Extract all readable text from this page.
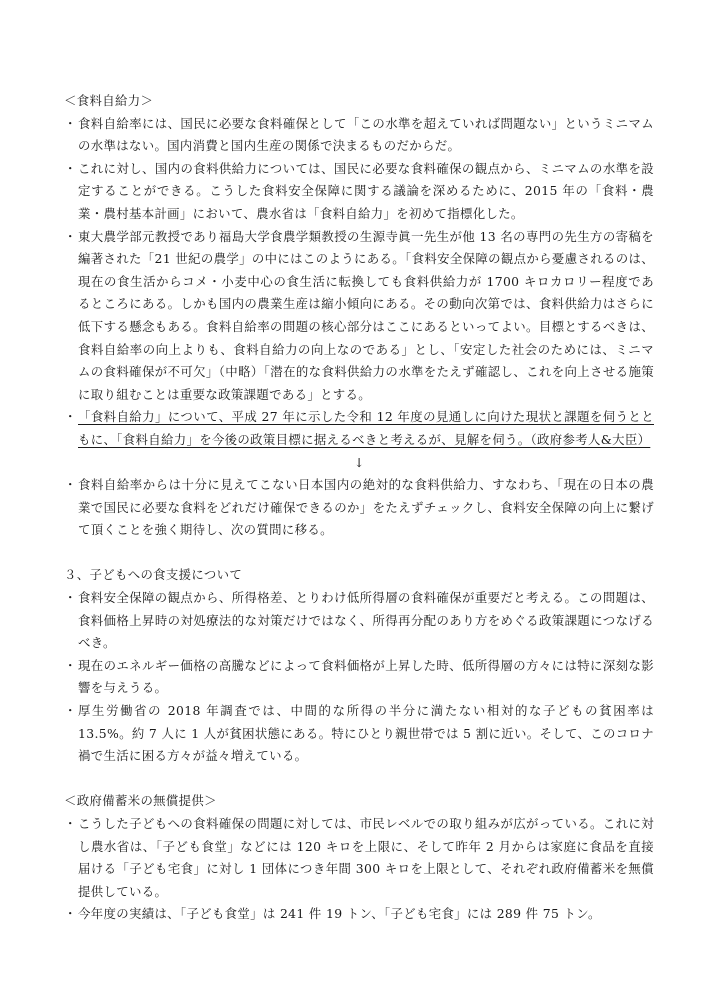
＜食料自給力＞
・ 食料自給率には、国民に必要な食料確保として「この水準を超えていれば問題ない」というミニマムの水準はない。国内消費と国内生産の関係で決まるものだからだ。
・ これに対し、国内の食料供給力については、国民に必要な食料確保の観点から、ミニマムの水準を設定することができる。こうした食料安全保障に関する議論を深めるために、2015 年の「食料・農業・農村基本計画」において、農水省は「食料自給力」を初めて指標化した。
・ 東大農学部元教授であり福島大学食農学類教授の生源寺眞一先生が他 13 名の専門の先生方の寄稿を編著された「21 世紀の農学」の中にはこのようにある。「食料安全保障の観点から憂慮されるのは、現在の食生活からコメ・小麦中心の食生活に転換しても食料供給力が 1700 キロカロリー程度であるところにある。しかも国内の農業生産は縮小傾向にある。その動向次第では、食料供給力はさらに低下する懸念もある。食料自給率の問題の核心部分はここにあるといってよい。目標とするべきは、食料自給率の向上よりも、食料自給力の向上なのである」とし、「安定した社会のためには、ミニマムの食料確保が不可欠」（中略）「潜在的な食料供給力の水準をたえず確認し、これを向上させる施策に取り組むことは重要な政策課題である」とする。
・ 「食料自給力」について、平成 27 年に示した令和 12 年度の見通しに向けた現状と課題を伺うとともに、「食料自給力」を今後の政策目標に据えるべきと考えるが、見解を伺う。（政府参考人&大臣）
↓
・ 食料自給率からは十分に見えてこない日本国内の絶対的な食料供給力、すなわち、「現在の日本の農業で国民に必要な食料をどれだけ確保できるのか」をたえずチェックし、食料安全保障の向上に繋げて頂くことを強く期待し、次の質問に移る。
３、子どもへの食支援について
・ 食料安全保障の観点から、所得格差、とりわけ低所得層の食料確保が重要だと考える。この問題は、食料価格上昇時の対処療法的な対策だけではなく、所得再分配のあり方をめぐる政策課題につなげるべき。
・ 現在のエネルギー価格の高騰などによって食料価格が上昇した時、低所得層の方々には特に深刻な影響を与えうる。
・ 厚生労働省の 2018 年調査では、中間的な所得の半分に満たない相対的な子どもの貧困率は 13.5%。約 7 人に 1 人が貧困状態にある。特にひとり親世帯では 5 割に近い。そして、このコロナ禍で生活に困る方々が益々増えている。
＜政府備蓄米の無償提供＞
・ こうした子どもへの食料確保の問題に対しては、市民レベルでの取り組みが広がっている。これに対し農水省は、「子ども食堂」などには 120 キロを上限に、そして昨年 2 月からは家庭に食品を直接届ける「子ども宅食」に対し 1 団体につき年間 300 キロを上限として、それぞれ政府備蓄米を無償提供している。
・ 今年度の実績は、「子ども食堂」は 241 件 19 トン、「子ども宅食」には 289 件 75 トン。
